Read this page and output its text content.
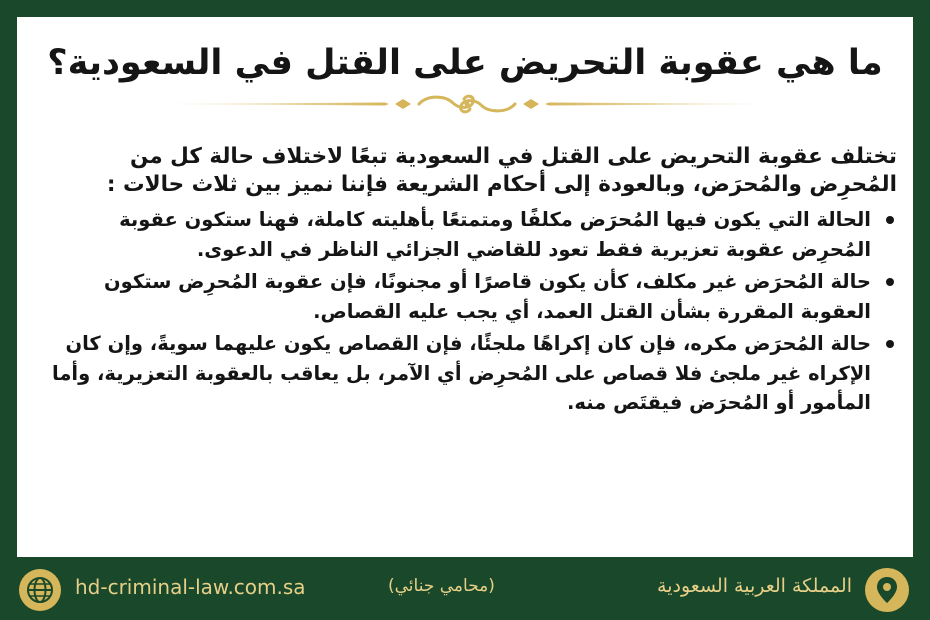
ما هي عقوبة التحريض على القتل في السعودية؟

تختلف عقوبة التحريض على القتل في السعودية تبعًا لاختلاف حالة كل من المُحرِض والمُحرَض، وبالعودة إلى أحكام الشريعة فإننا نميز بين ثلاث حالات :

الحالة التي يكون فيها المُحرَض مكلفًا ومتمتعًا بأهليته كاملة، فهنا ستكون عقوبة المُحرِض عقوبة تعزيرية فقط تعود للقاضي الجزائي الناظر في الدعوى.
حالة المُحرَض غير مكلف، كأن يكون قاصرًا أو مجنونًا، فإن عقوبة المُحرِض ستكون العقوبة المقررة بشأن القتل العمد، أي يجب عليه القصاص.
حالة المُحرَض مكره، فإن كان إكراهًا ملجئًا، فإن القصاص يكون عليهما سويةً، وإن كان الإكراه غير ملجئ فلا قصاص على المُحرِض أي الآمر، بل يعاقب بالعقوبة التعزيرية، وأما المأمور أو المُحرَض فيقتَص منه.
hd-criminal-law.com.sa	(محامي جنائي)	المملكة العربية السعودية
